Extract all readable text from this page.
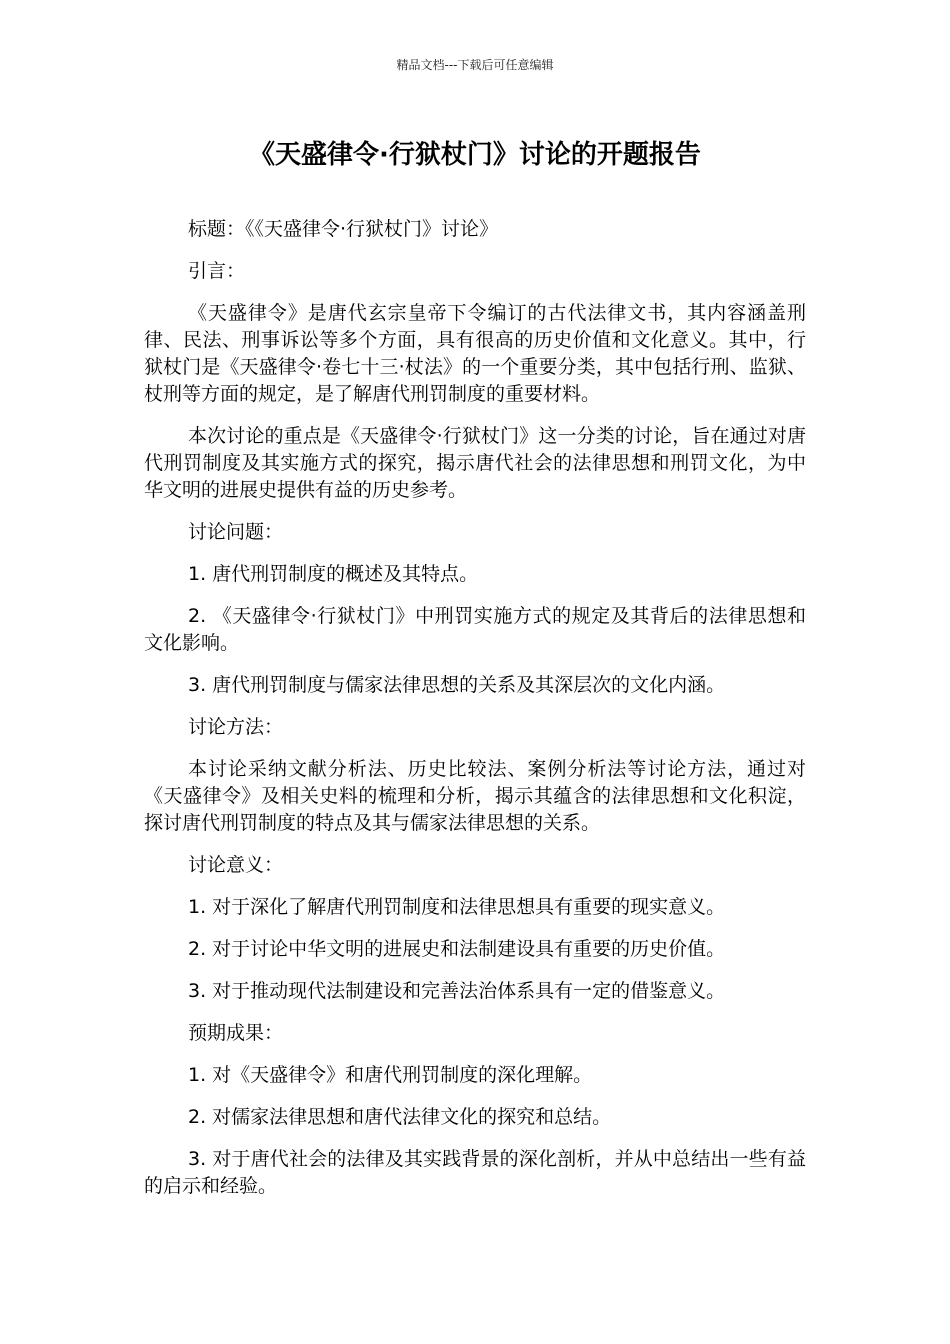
精品文档---下载后可任意编辑
《天盛律令·行狱杖门》讨论的开题报告

标题：《《天盛律令·行狱杖门》讨论》

引言：

《天盛律令》是唐代玄宗皇帝下令编订的古代法律文书，其内容涵盖刑律、民法、刑事诉讼等多个方面，具有很高的历史价值和文化意义。其中，行狱杖门是《天盛律令·卷七十三·杖法》的一个重要分类，其中包括行刑、监狱、杖刑等方面的规定，是了解唐代刑罚制度的重要材料。

本次讨论的重点是《天盛律令·行狱杖门》这一分类的讨论，旨在通过对唐代刑罚制度及其实施方式的探究，揭示唐代社会的法律思想和刑罚文化，为中华文明的进展史提供有益的历史参考。

讨论问题：

1. 唐代刑罚制度的概述及其特点。

2. 《天盛律令·行狱杖门》中刑罚实施方式的规定及其背后的法律思想和文化影响。

3. 唐代刑罚制度与儒家法律思想的关系及其深层次的文化内涵。

讨论方法：

本讨论采纳文献分析法、历史比较法、案例分析法等讨论方法，通过对《天盛律令》及相关史料的梳理和分析，揭示其蕴含的法律思想和文化积淀，探讨唐代刑罚制度的特点及其与儒家法律思想的关系。

讨论意义：

1. 对于深化了解唐代刑罚制度和法律思想具有重要的现实意义。

2. 对于讨论中华文明的进展史和法制建设具有重要的历史价值。

3. 对于推动现代法制建设和完善法治体系具有一定的借鉴意义。

预期成果：

1. 对《天盛律令》和唐代刑罚制度的深化理解。

2. 对儒家法律思想和唐代法律文化的探究和总结。

3. 对于唐代社会的法律及其实践背景的深化剖析，并从中总结出一些有益的启示和经验。
